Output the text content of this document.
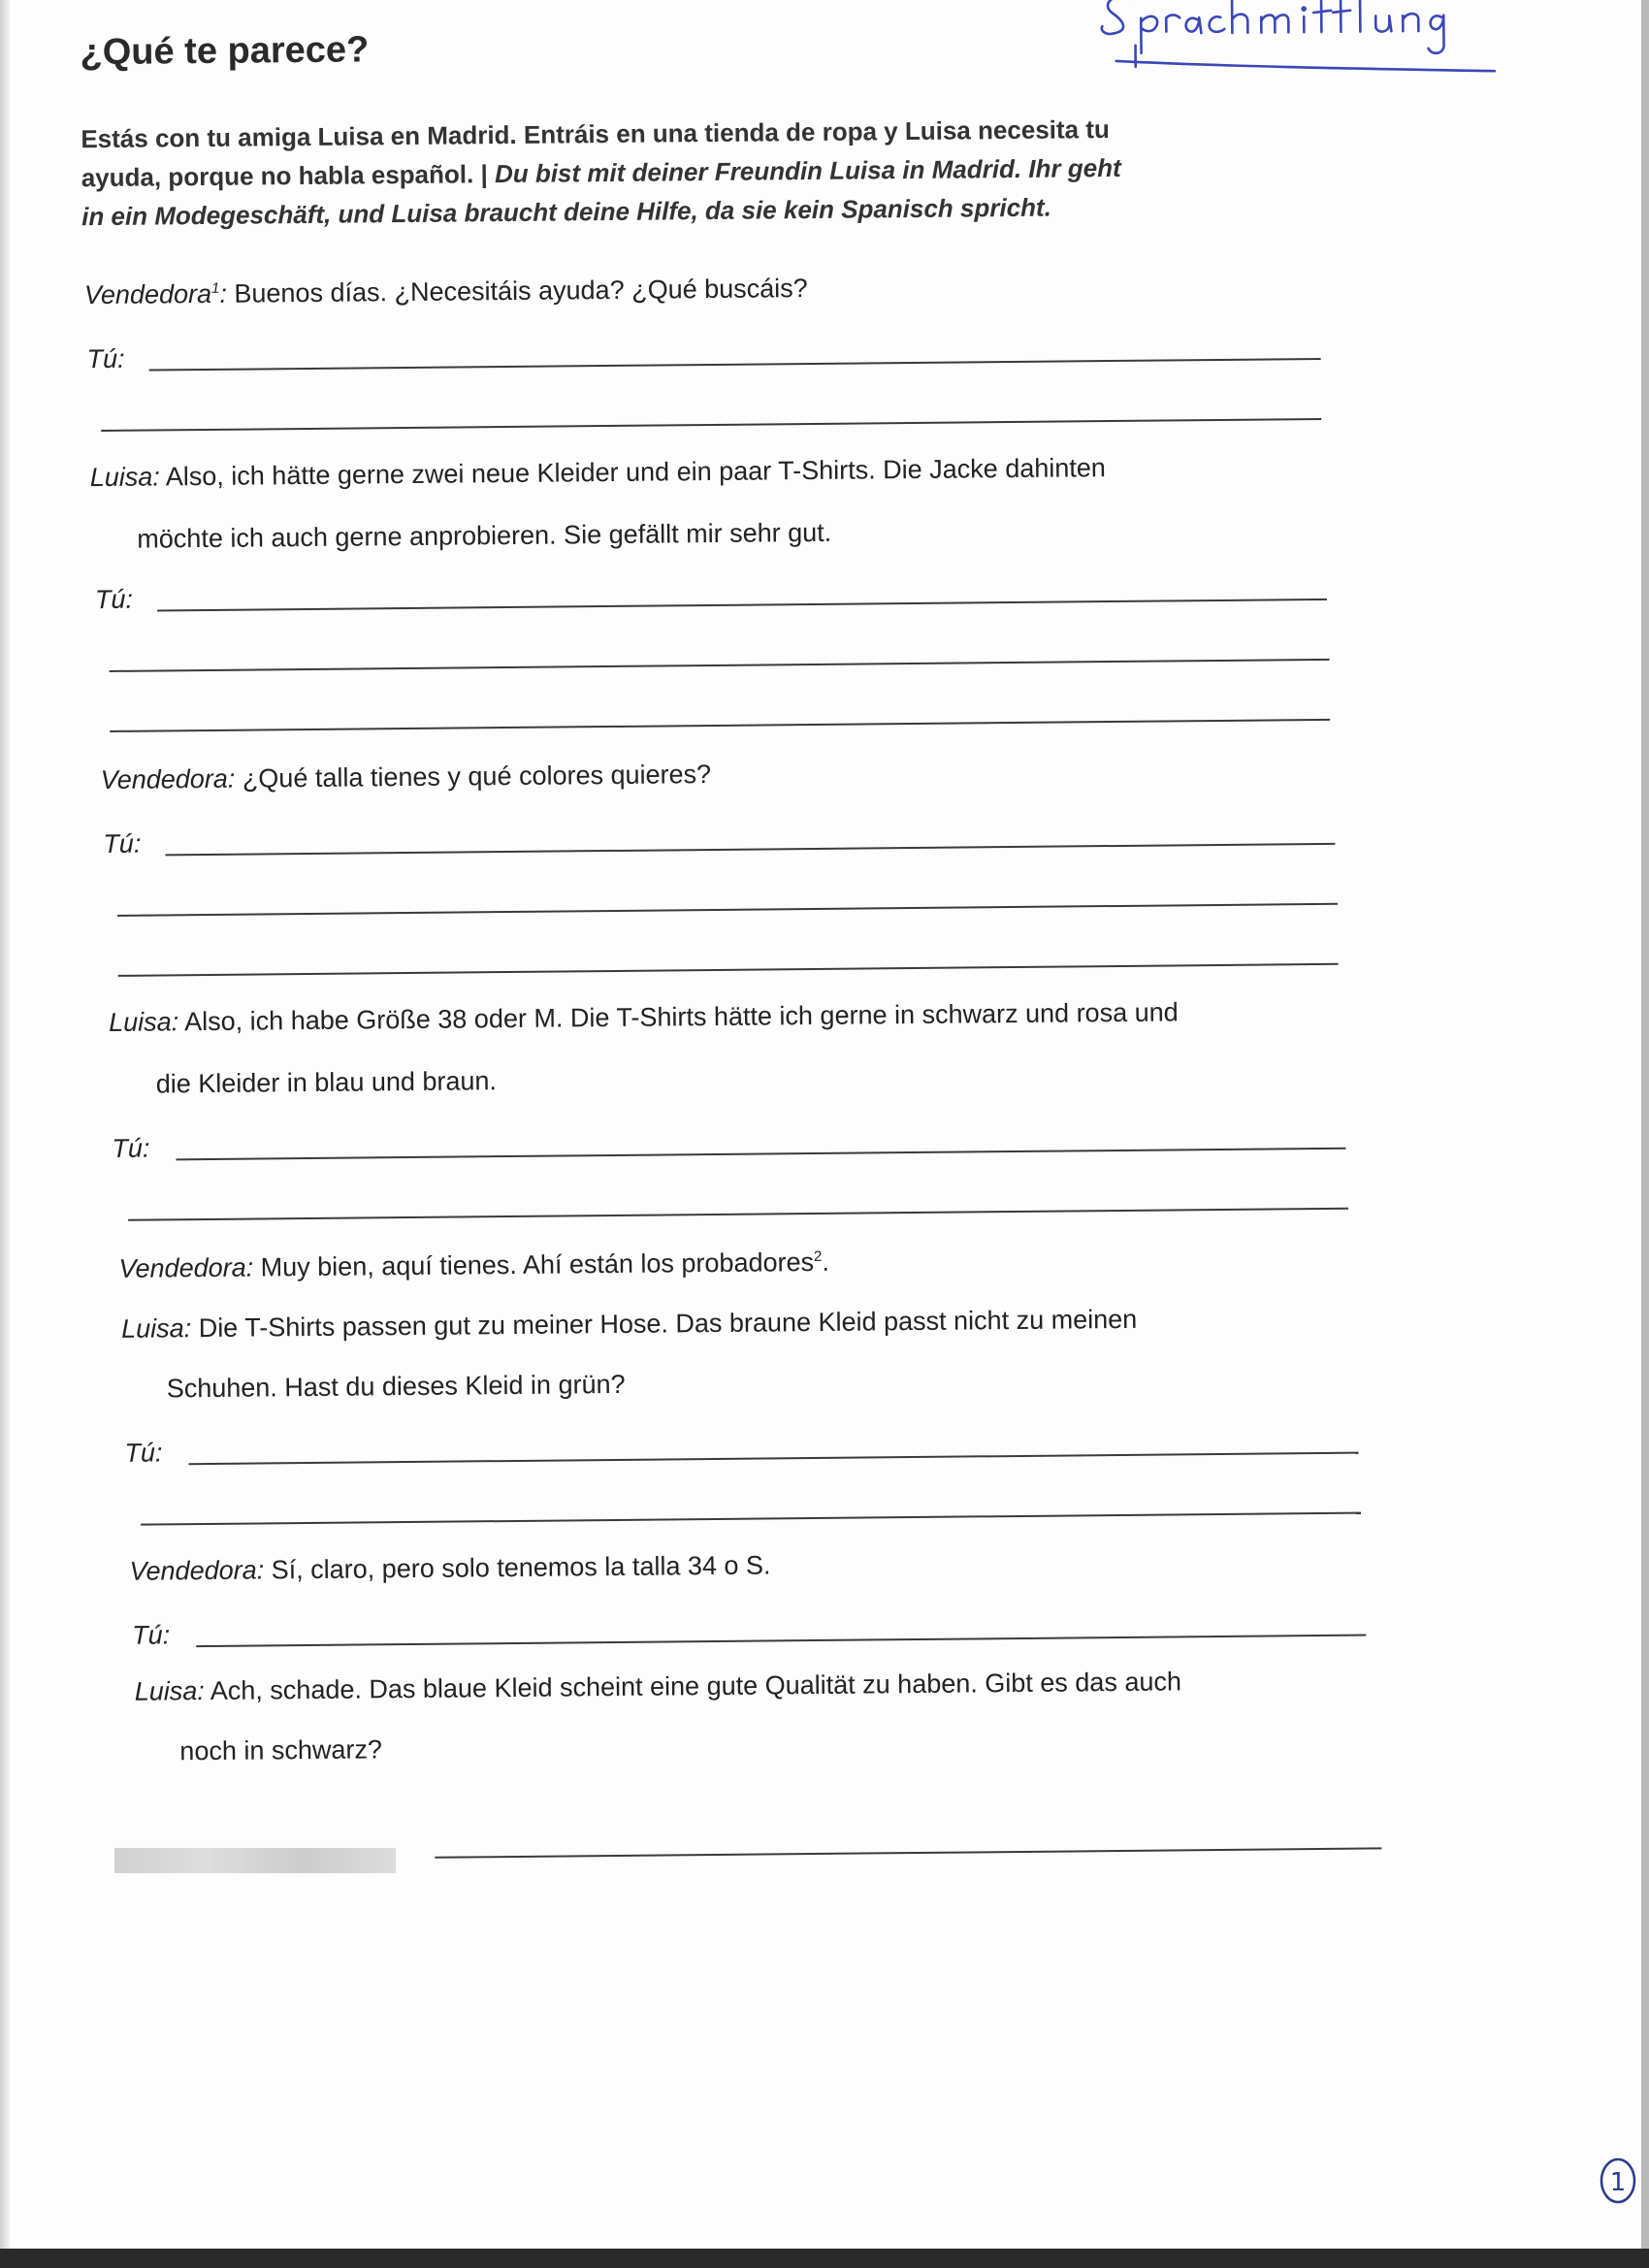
¿Qué te parece?
Estás con tu amiga Luisa en Madrid. Entráis en una tienda de ropa y Luisa necesita tu
ayuda, porque no habla español. | Du bist mit deiner Freundin Luisa in Madrid. Ihr geht
in ein Modegeschäft, und Luisa braucht deine Hilfe, da sie kein Spanisch spricht.
Vendedora$^1$: Buenos días. ¿Necesitáis ayuda? ¿Qué buscáis?
Tú:
Luisa: Also, ich hätte gerne zwei neue Kleider und ein paar T-Shirts. Die Jacke dahinten
möchte ich auch gerne anprobieren. Sie gefällt mir sehr gut.
Tú:
Vendedora: ¿Qué talla tienes y qué colores quieres?
Tú:
Luisa: Also, ich habe Größe 38 oder M. Die T-Shirts hätte ich gerne in schwarz und rosa und
die Kleider in blau und braun.
Tú:
Vendedora: Muy bien, aquí tienes. Ahí están los probadores$^2$.
Luisa: Die T-Shirts passen gut zu meiner Hose. Das braune Kleid passt nicht zu meinen
Schuhen. Hast du dieses Kleid in grün?
Tú:
Vendedora: Sí, claro, pero solo tenemos la talla 34 o S.
Tú:
Luisa: Ach, schade. Das blaue Kleid scheint eine gute Qualität zu haben. Gibt es das auch
noch in schwarz?
1
